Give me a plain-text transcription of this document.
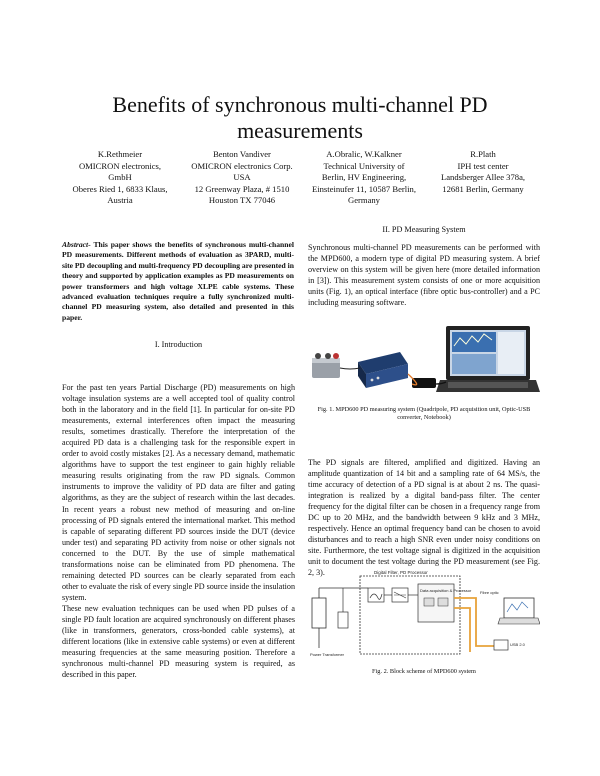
Benefits of synchronous multi-channel PD measurements
K.Rethmeier
OMICRON electronics,
GmbH
Oberes Ried 1, 6833 Klaus,
Austria
Benton Vandiver
OMICRON electronics Corp.
USA
12 Greenway Plaza, # 1510
Houston TX 77046
A.Obralic, W.Kalkner
Technical University of
Berlin, HV Engineering,
Einsteinufer 11, 10587 Berlin,
Germany
R.Plath
IPH test center
Landsberger Allee 378a,
12681 Berlin, Germany
Abstract- This paper shows the benefits of synchronous multi-channel PD measurements. Different methods of evaluation as 3PARD, multi-site PD decoupling and multi-frequency PD decoupling are presented in theory and supported by application examples as PD measurements on power transformers and high voltage XLPE cable systems. These advanced evaluation techniques require a fully synchronized multi-channel PD measuring system, also detailed and presented in this paper.
I. Introduction

For the past ten years Partial Discharge (PD) measurements on high voltage insulation systems are a well accepted tool of quality control both in the laboratory and in the field [1]. In particular for on-site PD measurements, external interferences often impact the measuring results, sometimes drastically. Therefore the interpretation of the acquired PD data is a challenging task for the responsible expert in order to avoid costly mistakes [2]. As a necessary demand, mathematic algorithms have to support the test engineer to gain highly reliable measuring results originating from the raw PD signals. Common instruments to improve the validity of PD data are filter and gating algorithms, as they are the subject of research within the last decades. In recent years a robust new method of measuring and on-line processing of PD signals entered the international market. This method is capable of separating different PD sources inside the DUT (device under test) and separating PD activity from noise or other signals not concerned to the DUT. By the use of simple mathematical transformations noise can be eliminated from PD phenomena. The remaining detected PD sources can be clearly separated from each other to evaluate the risk of every single PD source inside the insulation system.

These new evaluation techniques can be used when PD pulses of a single PD fault location are acquired synchronously on different phases (like in transformers, generators, cross-bonded cable systems), at different locations (like in extensive cable systems) or even at different measuring frequencies at the same measuring position. Therefore a synchronous multi-channel PD measuring system is required, as described in this paper.

II. PD Measuring System

Synchronous multi-channel PD measurements can be performed with the MPD600, a modern type of digital PD measuring system. A brief overview on this system will be given here (more detailed information in [3]). This measurement system consists of one or more acquisition units (Fig. 1), an optical interface (fibre optic bus-controller) and a PC including measuring software.

Fig. 1. MPD600 PD measuring system (Quadripole, PD acquisition unit, Optic-USB converter, Notebook)

The PD signals are filtered, amplified and digitized. Having an amplitude quantization of 14 bit and a sampling rate of 64 MS/s, the time accuracy of detection of a PD signal is at about 2 ns. The quasi-integration is realized by a digital band-pass filter. The center frequency for the digital filter can be chosen in a frequency range from DC up to 20 MHz, and the bandwidth between 9 kHz and 3 MHz, respectively. Hence an optimal frequency band can be chosen to avoid disturbances and to reach a high SNR even under noisy conditions on site. Furthermore, the test voltage signal is digitized in the acquisition unit to document the test voltage during the PD measurement (see Fig. 2, 3).	Digital Filter, PD Processor
Data acquisition & Processor
Power Transformer
Fibre optic
USB 2.0
Fig. 2. Block scheme of MPD600 system
